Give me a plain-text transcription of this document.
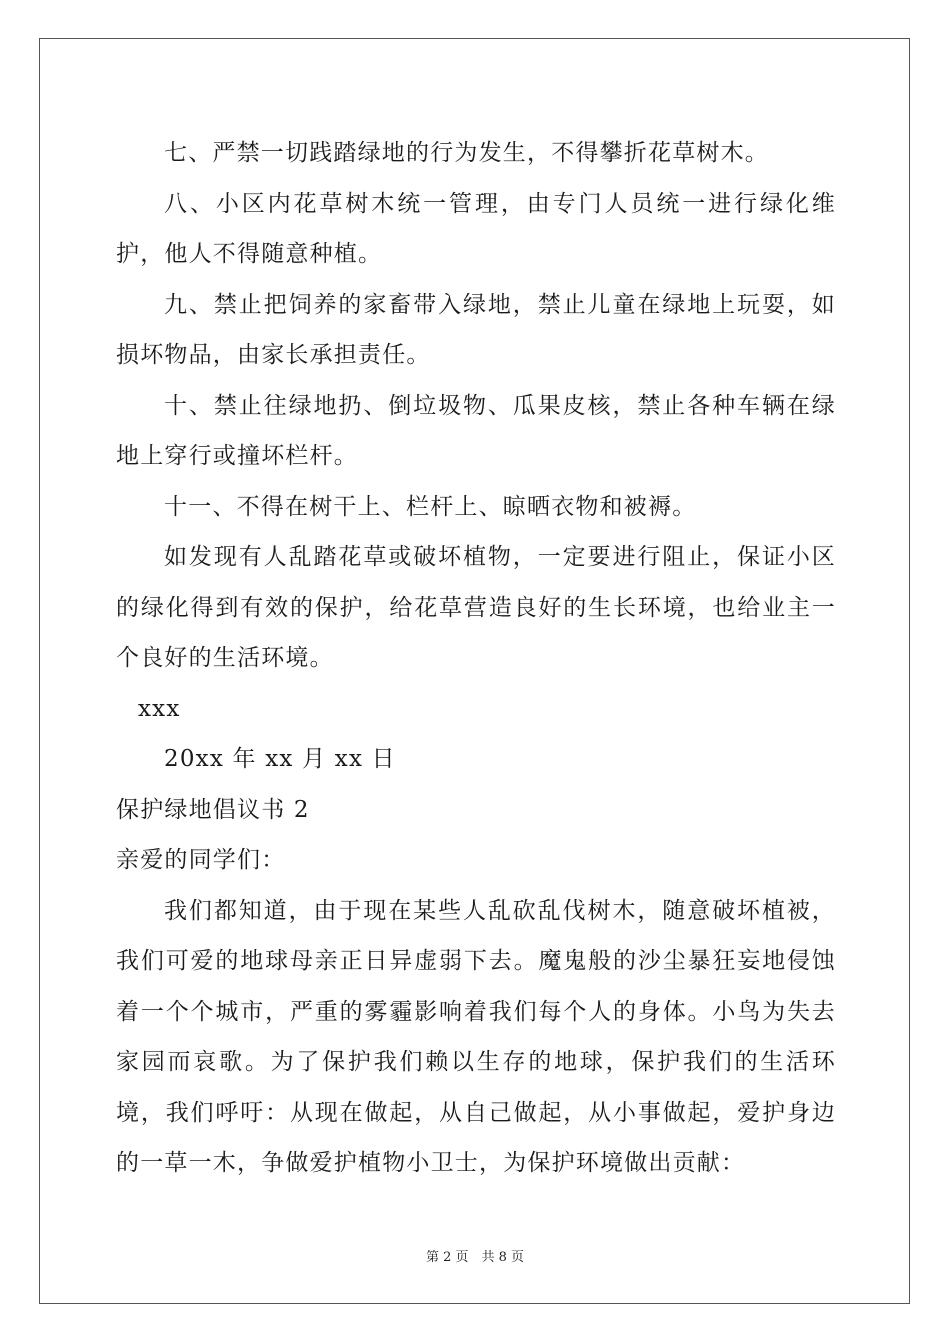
七、严禁一切践踏绿地的行为发生，不得攀折花草树木。

八、小区内花草树木统一管理，由专门人员统一进行绿化维护，他人不得随意种植。

九、禁止把饲养的家畜带入绿地，禁止儿童在绿地上玩耍，如损坏物品，由家长承担责任。

十、禁止往绿地扔、倒垃圾物、瓜果皮核，禁止各种车辆在绿地上穿行或撞坏栏杆。

十一、不得在树干上、栏杆上、晾晒衣物和被褥。

如发现有人乱踏花草或破坏植物，一定要进行阻止，保证小区的绿化得到有效的保护，给花草营造良好的生长环境，也给业主一个良好的生活环境。

xxx

20xx 年 xx 月 xx 日

保护绿地倡议书 2

亲爱的同学们：

我们都知道，由于现在某些人乱砍乱伐树木，随意破坏植被，我们可爱的地球母亲正日异虚弱下去。魔鬼般的沙尘暴狂妄地侵蚀着一个个城市，严重的雾霾影响着我们每个人的身体。小鸟为失去家园而哀歌。为了保护我们赖以生存的地球，保护我们的生活环境，我们呼吁：从现在做起，从自己做起，从小事做起，爱护身边的一草一木，争做爱护植物小卫士，为保护环境做出贡献：

第 2 页　共 8 页
